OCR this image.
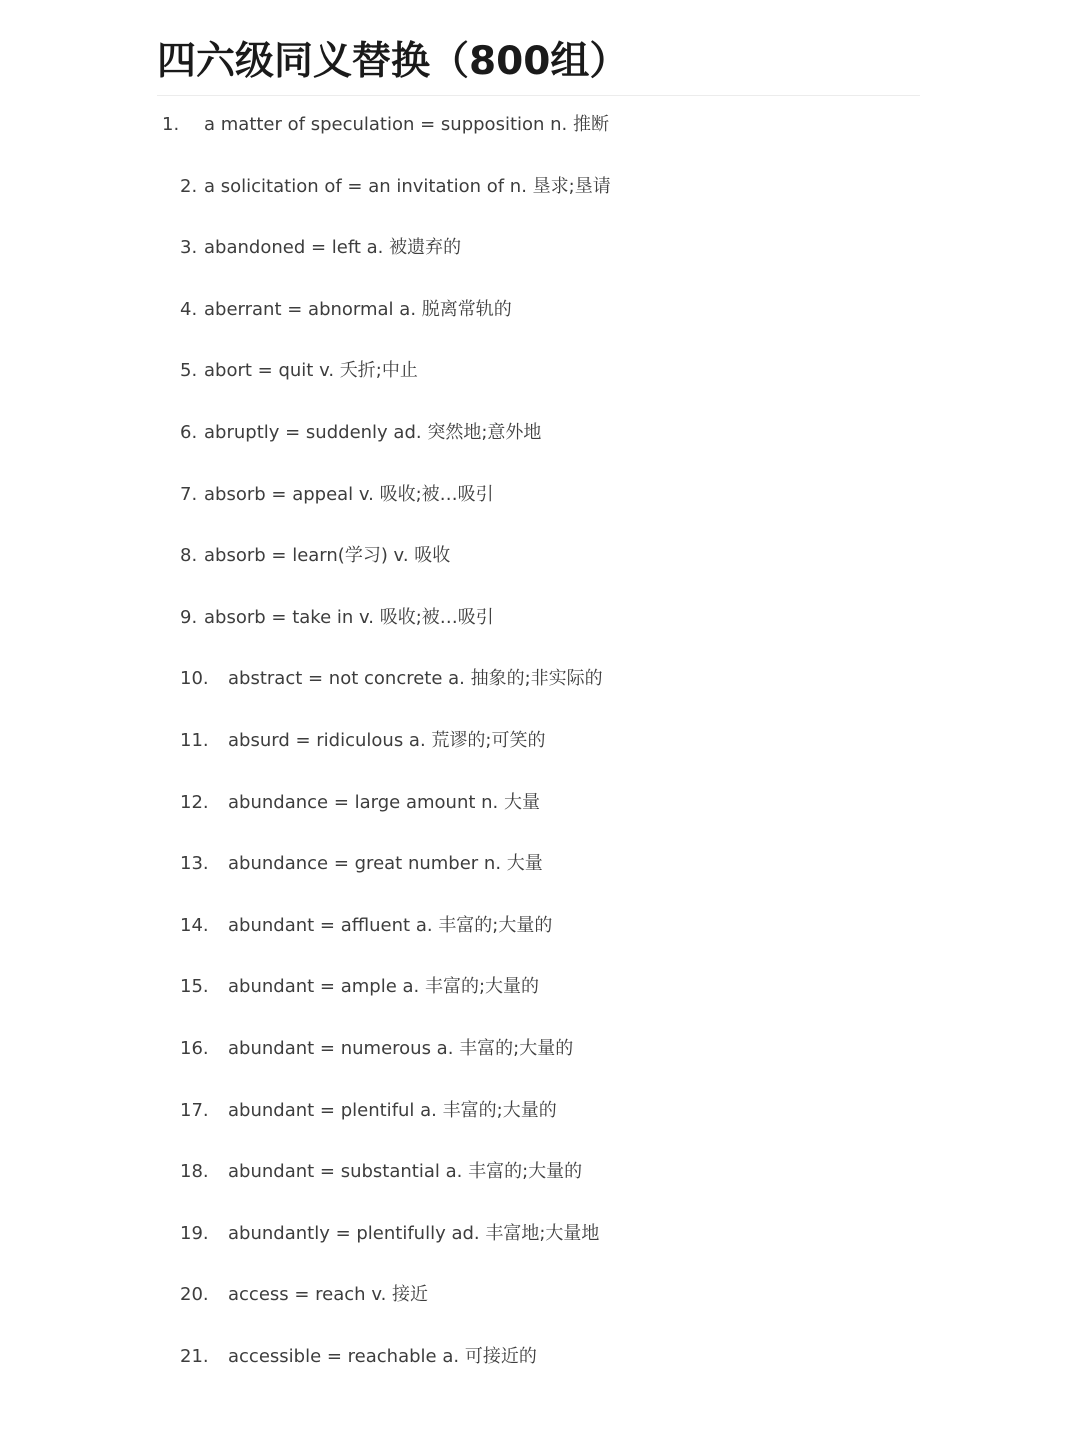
四六级同义替换（800组）
1. a matter of speculation = supposition n. 推断
2. a solicitation of = an invitation of n. 垦求;垦请
3. abandoned = left a. 被遗弃的
4. aberrant = abnormal a. 脱离常轨的
5. abort = quit v. 夭折;中止
6. abruptly = suddenly ad. 突然地;意外地
7. absorb = appeal v. 吸收;被…吸引
8. absorb = learn(学习) v. 吸收
9. absorb = take in v. 吸收;被…吸引
10. abstract = not concrete a. 抽象的;非实际的
11. absurd = ridiculous a. 荒谬的;可笑的
12. abundance = large amount n. 大量
13. abundance = great number n. 大量
14. abundant = affluent a. 丰富的;大量的
15. abundant = ample a. 丰富的;大量的
16. abundant = numerous a. 丰富的;大量的
17. abundant = plentiful a. 丰富的;大量的
18. abundant = substantial a. 丰富的;大量的
19. abundantly = plentifully ad. 丰富地;大量地
20. access = reach v. 接近
21. accessible = reachable a. 可接近的
